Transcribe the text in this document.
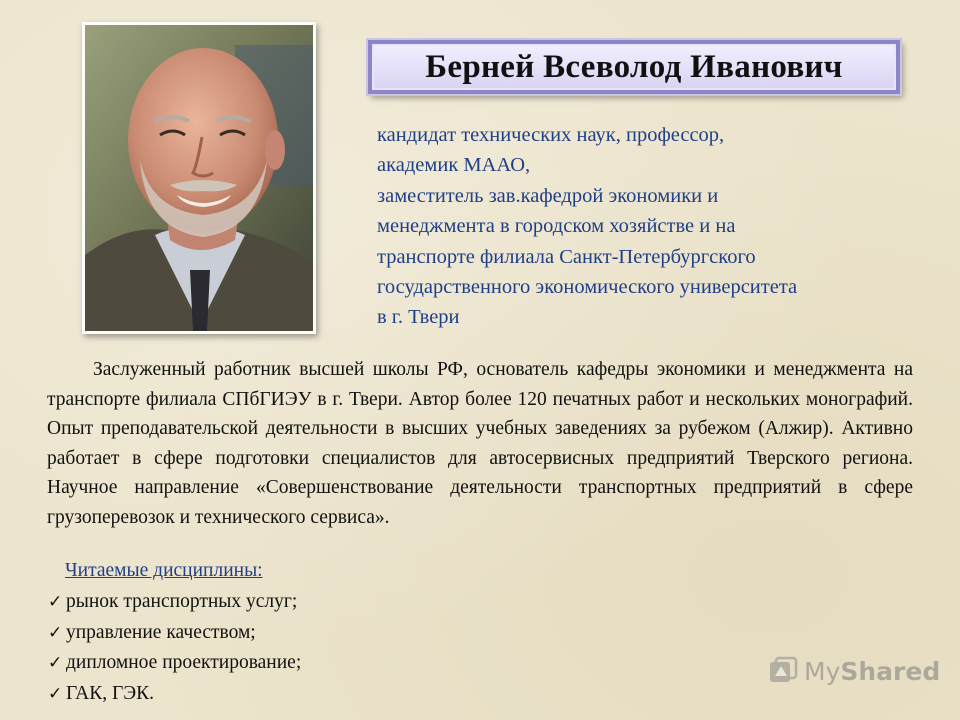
Берней Всеволод Иванович
кандидат технических наук, профессор,
академик МААО,
заместитель зав.кафедрой экономики и
менеджмента в городском хозяйстве и на
транспорте филиала Санкт-Петербургского
государственного экономического университета
в г. Твери
Заслуженный работник высшей школы РФ, основатель кафедры экономики и менеджмента на транспорте филиала СПбГИЭУ в г. Твери. Автор более 120 печатных работ и нескольких монографий. Опыт преподавательской деятельности в высших учебных заведениях за рубежом (Алжир). Активно работает в сфере подготовки специалистов для автосервисных предприятий Тверского региона. Научное направление «Совершенствование деятельности транспортных предприятий в сфере грузоперевозок и технического сервиса».
Читаемые дисциплины:
✓ рынок транспортных услуг;
✓ управление качеством;
✓ дипломное проектирование;
✓ ГАК, ГЭК.
MyShared
